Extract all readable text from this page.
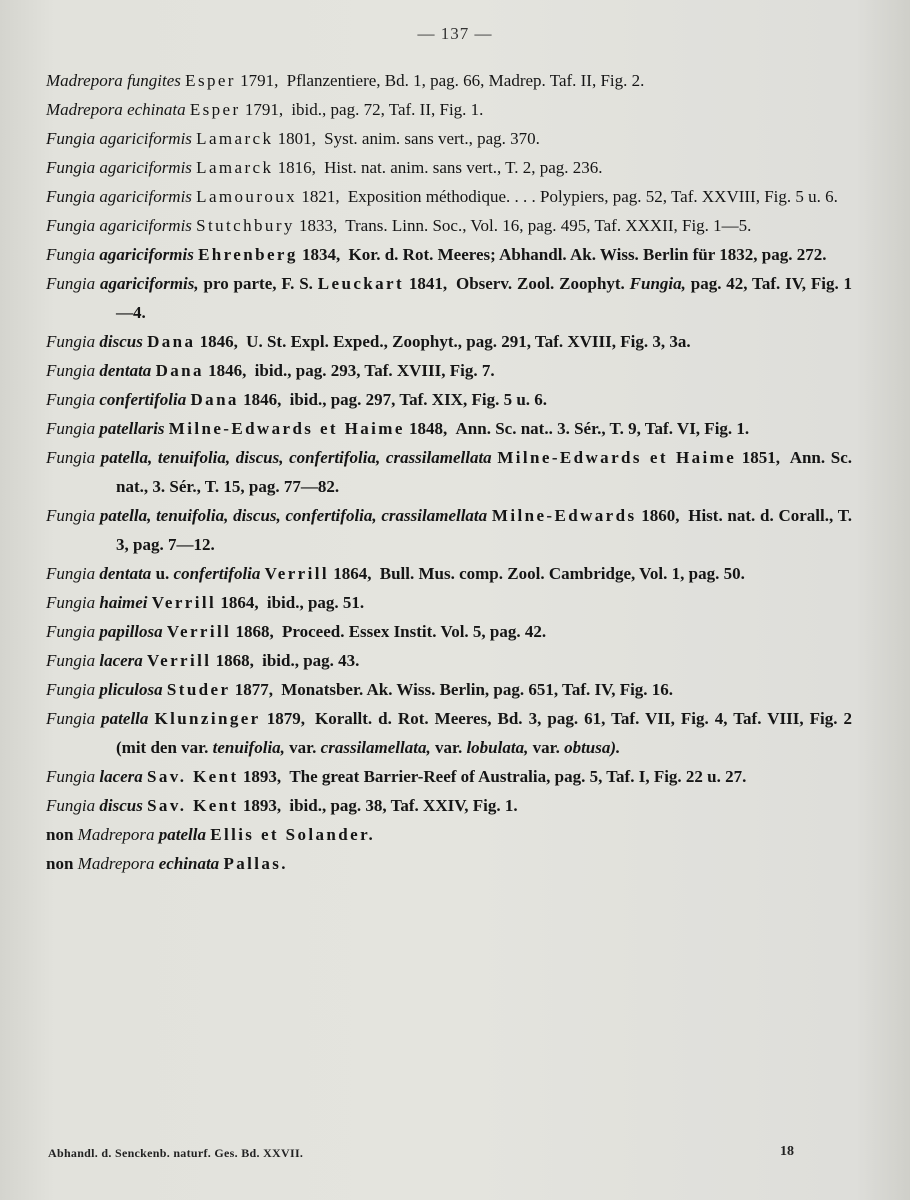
— 137 —
Madrepora fungites Esper 1791, Pflanzentiere, Bd. 1, pag. 66, Madrep. Taf. II, Fig. 2.
Madrepora echinata Esper 1791, ibid., pag. 72, Taf. II, Fig. 1.
Fungia agariciformis Lamarck 1801, Syst. anim. sans vert., pag. 370.
Fungia agariciformis Lamarck 1816, Hist. nat. anim. sans vert., T. 2, pag. 236.
Fungia agariciformis Lamouroux 1821, Exposition méthodique. . . . Polypiers, pag. 52, Taf. XXVIII, Fig. 5 u. 6.
Fungia agariciformis Stutchbury 1833, Trans. Linn. Soc., Vol. 16, pag. 495, Taf. XXXII, Fig. 1—5.
Fungia agariciformis Ehrenberg 1834, Kor. d. Rot. Meeres; Abhandl. Ak. Wiss. Berlin für 1832, pag. 272.
Fungia agariciformis, pro parte, F. S. Leuckart 1841, Observ. Zool. Zoophyt. Fungia, pag. 42, Taf. IV, Fig. 1—4.
Fungia discus Dana 1846, U. St. Expl. Exped., Zoophyt., pag. 291, Taf. XVIII, Fig. 3, 3a.
Fungia dentata Dana 1846, ibid., pag. 293, Taf. XVIII, Fig. 7.
Fungia confertifolia Dana 1846, ibid., pag. 297, Taf. XIX, Fig. 5 u. 6.
Fungia patellaris Milne-Edwards et Haime 1848, Ann. Sc. nat.. 3. Sér., T. 9, Taf. VI, Fig. 1.
Fungia patella, tenuifolia, discus, confertifolia, crassilamellata Milne-Edwards et Haime 1851, Ann. Sc. nat., 3. Sér., T. 15, pag. 77—82.
Fungia patella, tenuifolia, discus, confertifolia, crassilamellata Milne-Edwards 1860, Hist. nat. d. Corall., T. 3, pag. 7—12.
Fungia dentata u. confertifolia Verrill 1864, Bull. Mus. comp. Zool. Cambridge, Vol. 1, pag. 50.
Fungia haimei Verrill 1864, ibid., pag. 51.
Fungia papillosa Verrill 1868, Proceed. Essex Instit. Vol. 5, pag. 42.
Fungia lacera Verrill 1868, ibid., pag. 43.
Fungia pliculosa Studer 1877, Monatsber. Ak. Wiss. Berlin, pag. 651, Taf. IV, Fig. 16.
Fungia patella Klunzinger 1879, Korallt. d. Rot. Meeres, Bd. 3, pag. 61, Taf. VII, Fig. 4, Taf. VIII, Fig. 2 (mit den var. tenuifolia, var. crassilamellata, var. lobulata, var. obtusa).
Fungia lacera Sav. Kent 1893, The great Barrier-Reef of Australia, pag. 5, Taf. I, Fig. 22 u. 27.
Fungia discus Sav. Kent 1893, ibid., pag. 38, Taf. XXIV, Fig. 1.
non Madrepora patella Ellis et Solander.
non Madrepora echinata Pallas.
Abhandl. d. Senckenb. naturf. Ges. Bd. XXVII.	18
